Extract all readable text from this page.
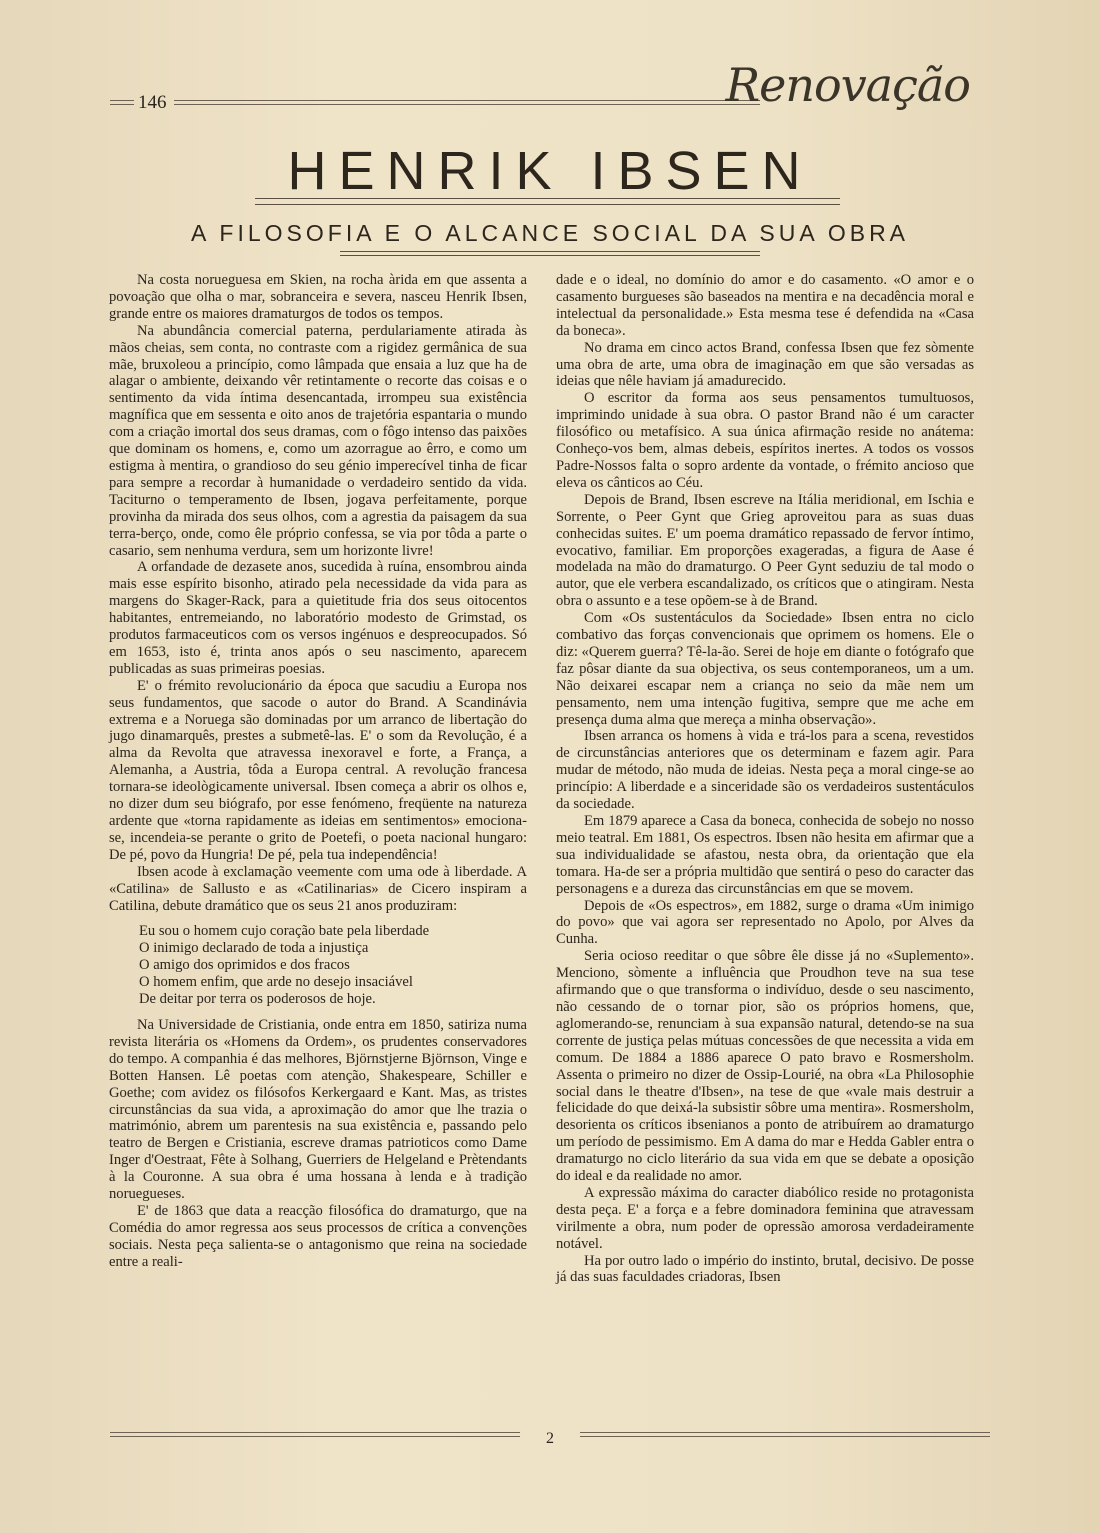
146	Renovação
HENRIK IBSEN
A FILOSOFIA E O ALCANCE SOCIAL DA SUA OBRA

Na costa norueguesa em Skien, na rocha àrida em que assenta a povoação que olha o mar, sobranceira e severa, nasceu Henrik Ibsen, grande entre os maiores dramaturgos de todos os tempos.

Na abundância comercial paterna, perdulariamente atirada às mãos cheias, sem conta, no contraste com a rigidez germânica de sua mãe, bruxoleou a princípio, como lâmpada que ensaia a luz que ha de alagar o ambiente, deixando vêr retintamente o recorte das coisas e o sentimento da vida íntima desencantada, irrompeu sua existência magnífica que em sessenta e oito anos de trajetória espantaria o mundo com a criação imortal dos seus dramas, com o fôgo intenso das paixões que dominam os homens, e, como um azorrague ao êrro, e como um estigma à mentira, o grandioso do seu génio imperecível tinha de ficar para sempre a recordar à humanidade o verdadeiro sentido da vida. Taciturno o temperamento de Ibsen, jogava perfeitamente, porque provinha da mirada dos seus olhos, com a agrestia da paisagem da sua terra-berço, onde, como êle próprio confessa, se via por tôda a parte o casario, sem nenhuma verdura, sem um horizonte livre!

A orfandade de dezasete anos, sucedida à ruína, ensombrou ainda mais esse espírito bisonho, atirado pela necessidade da vida para as margens do Skager-Rack, para a quietitude fria dos seus oitocentos habitantes, entremeiando, no laboratório modesto de Grimstad, os produtos farmaceuticos com os versos ingénuos e despreocupados. Só em 1653, isto é, trinta anos após o seu nascimento, aparecem publicadas as suas primeiras poesias.

E' o frémito revolucionário da época que sacudiu a Europa nos seus fundamentos, que sacode o autor do Brand. A Scandinávia extrema e a Noruega são dominadas por um arranco de libertação do jugo dinamarquês, prestes a submetê-las. E' o som da Revolução, é a alma da Revolta que atravessa inexoravel e forte, a França, a Alemanha, a Austria, tôda a Europa central. A revolução francesa tornara-se ideològicamente universal. Ibsen começa a abrir os olhos e, no dizer dum seu biógrafo, por esse fenómeno, freqüente na natureza ardente que «torna rapidamente as ideias em sentimentos» emociona-se, incendeia-se perante o grito de Poetefi, o poeta nacional hungaro: De pé, povo da Hungria! De pé, pela tua independência!

Ibsen acode à exclamação veemente com uma ode à liberdade. A «Catilina» de Sallusto e as «Catilinarias» de Cicero inspiram a Catilina, debute dramático que os seus 21 anos produziram:

Eu sou o homem cujo coração bate pela liberdade
O inimigo declarado de toda a injustiça
O amigo dos oprimidos e dos fracos
O homem enfim, que arde no desejo insaciável
De deitar por terra os poderosos de hoje.

Na Universidade de Cristiania, onde entra em 1850, satiriza numa revista literária os «Homens da Ordem», os prudentes conservadores do tempo. A companhia é das melhores, Björnstjerne Björnson, Vinge e Botten Hansen. Lê poetas com atenção, Shakespeare, Schiller e Goethe; com avidez os filósofos Kerkergaard e Kant. Mas, as tristes circunstâncias da sua vida, a aproximação do amor que lhe trazia o matrimónio, abrem um parentesis na sua existência e, passando pelo teatro de Bergen e Cristiania, escreve dramas patrioticos como Dame Inger d'Oestraat, Fête à Solhang, Guerriers de Helgeland e Prètendants à la Couronne. A sua obra é uma hossana à lenda e à tradição noruegueses.

E' de 1863 que data a reacção filosófica do dramaturgo, que na Comédia do amor regressa aos seus processos de crítica a convenções sociais. Nesta peça salienta-se o antagonismo que reina na sociedade entre a reali-

dade e o ideal, no domínio do amor e do casamento. «O amor e o casamento burgueses são baseados na mentira e na decadência moral e intelectual da personalidade.» Esta mesma tese é defendida na «Casa da boneca».

No drama em cinco actos Brand, confessa Ibsen que fez sòmente uma obra de arte, uma obra de imaginação em que são versadas as ideias que nêle haviam já amadurecido.

O escritor da forma aos seus pensamentos tumultuosos, imprimindo unidade à sua obra. O pastor Brand não é um caracter filosófico ou metafísico. A sua única afirmação reside no anátema: Conheço-vos bem, almas debeis, espíritos inertes. A todos os vossos Padre-Nossos falta o sopro ardente da vontade, o frémito ancioso que eleva os cânticos ao Céu.

Depois de Brand, Ibsen escreve na Itália meridional, em Ischia e Sorrente, o Peer Gynt que Grieg aproveitou para as suas duas conhecidas suites. E' um poema dramático repassado de fervor íntimo, evocativo, familiar. Em proporções exageradas, a figura de Aase é modelada na mão do dramaturgo. O Peer Gynt seduziu de tal modo o autor, que ele verbera escandalizado, os críticos que o atingiram. Nesta obra o assunto e a tese opõem-se à de Brand.

Com «Os sustentáculos da Sociedade» Ibsen entra no ciclo combativo das forças convencionais que oprimem os homens. Ele o diz: «Querem guerra? Tê-la-ão. Serei de hoje em diante o fotógrafo que faz pôsar diante da sua objectiva, os seus contemporaneos, um a um. Não deixarei escapar nem a criança no seio da mãe nem um pensamento, nem uma intenção fugitiva, sempre que me ache em presença duma alma que mereça a minha observação».

Ibsen arranca os homens à vida e trá-los para a scena, revestidos de circunstâncias anteriores que os determinam e fazem agir. Para mudar de método, não muda de ideias. Nesta peça a moral cinge-se ao princípio: A liberdade e a sinceridade são os verdadeiros sustentáculos da sociedade.

Em 1879 aparece a Casa da boneca, conhecida de sobejo no nosso meio teatral. Em 1881, Os espectros. Ibsen não hesita em afirmar que a sua individualidade se afastou, nesta obra, da orientação que ela tomara. Ha-de ser a própria multidão que sentirá o peso do caracter das personagens e a dureza das circunstâncias em que se movem.

Depois de «Os espectros», em 1882, surge o drama «Um inimigo do povo» que vai agora ser representado no Apolo, por Alves da Cunha.

Seria ocioso reeditar o que sôbre êle disse já no «Suplemento». Menciono, sòmente a influência que Proudhon teve na sua tese afirmando que o que transforma o indivíduo, desde o seu nascimento, não cessando de o tornar pior, são os próprios homens, que, aglomerando-se, renunciam à sua expansão natural, detendo-se na sua corrente de justiça pelas mútuas concessões de que necessita a vida em comum. De 1884 a 1886 aparece O pato bravo e Rosmersholm. Assenta o primeiro no dizer de Ossip-Lourié, na obra «La Philosophie social dans le theatre d'Ibsen», na tese de que «vale mais destruir a felicidade do que deixá-la subsistir sôbre uma mentira». Rosmersholm, desorienta os críticos ibsenianos a ponto de atribuírem ao dramaturgo um período de pessimismo. Em A dama do mar e Hedda Gabler entra o dramaturgo no ciclo literário da sua vida em que se debate a oposição do ideal e da realidade no amor.

A expressão máxima do caracter diabólico reside no protagonista desta peça. E' a força e a febre dominadora feminina que atravessam virilmente a obra, num poder de opressão amorosa verdadeiramente notável.

Ha por outro lado o império do instinto, brutal, decisivo. De posse já das suas faculdades criadoras, Ibsen

2
